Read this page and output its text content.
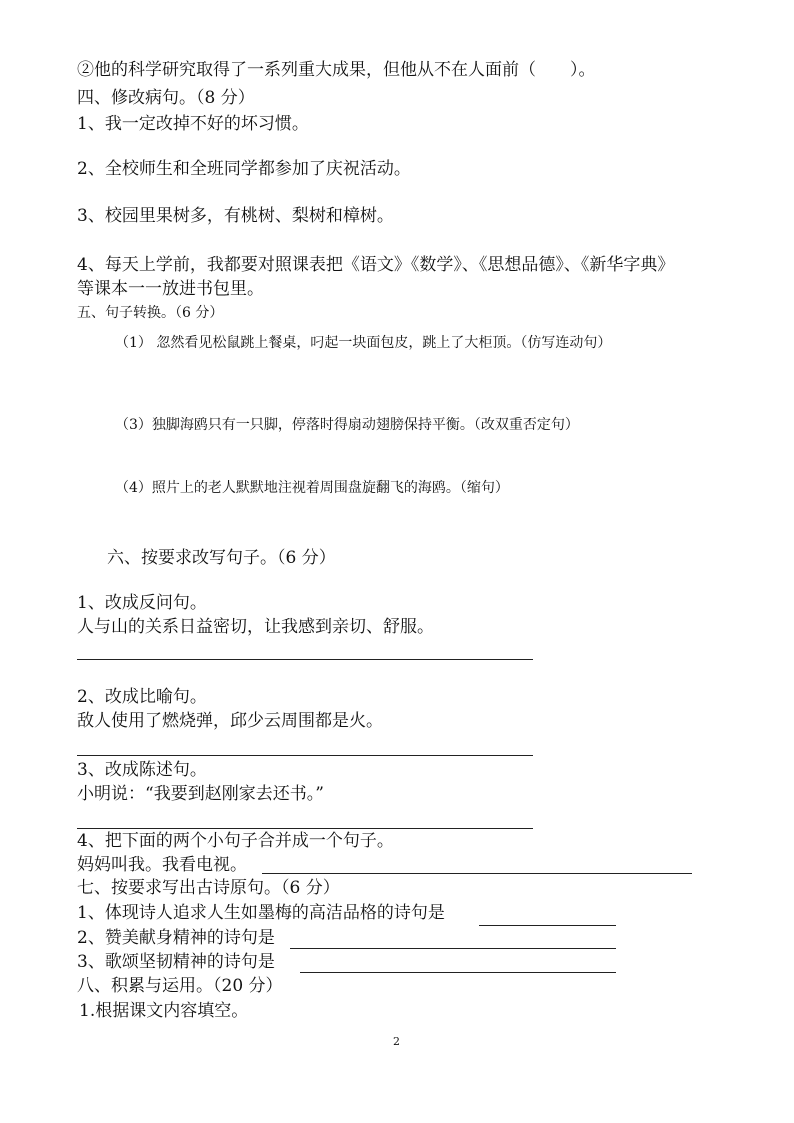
②他的科学研究取得了一系列重大成果，但他从不在人面前（　　）。
四、修改病句。（8 分）
1、我一定改掉不好的坏习惯。
2、全校师生和全班同学都参加了庆祝活动。
3、校园里果树多，有桃树、梨树和樟树。
4、每天上学前，我都要对照课表把《语文》《数学》、《思想品德》、《新华字典》
等课本一一放进书包里。
五、句子转换。（6 分）
（1） 忽然看见松鼠跳上餐桌，叼起一块面包皮，跳上了大柜顶。（仿写连动句）
（3）独脚海鸥只有一只脚，停落时得扇动翅膀保持平衡。（改双重否定句）
（4）照片上的老人默默地注视着周围盘旋翻飞的海鸥。（缩句）
六、按要求改写句子。（6 分）
1、改成反问句。
人与山的关系日益密切，让我感到亲切、舒服。
2、改成比喻句。
敌人使用了燃烧弹，邱少云周围都是火。
3、改成陈述句。
小明说：“我要到赵刚家去还书。”
4、把下面的两个小句子合并成一个句子。
妈妈叫我。我看电视。
七、按要求写出古诗原句。（6 分）
1、体现诗人追求人生如墨梅的高洁品格的诗句是
2、赞美献身精神的诗句是
3、歌颂坚韧精神的诗句是
八、积累与运用。（20 分）
1.根据课文内容填空。
2
